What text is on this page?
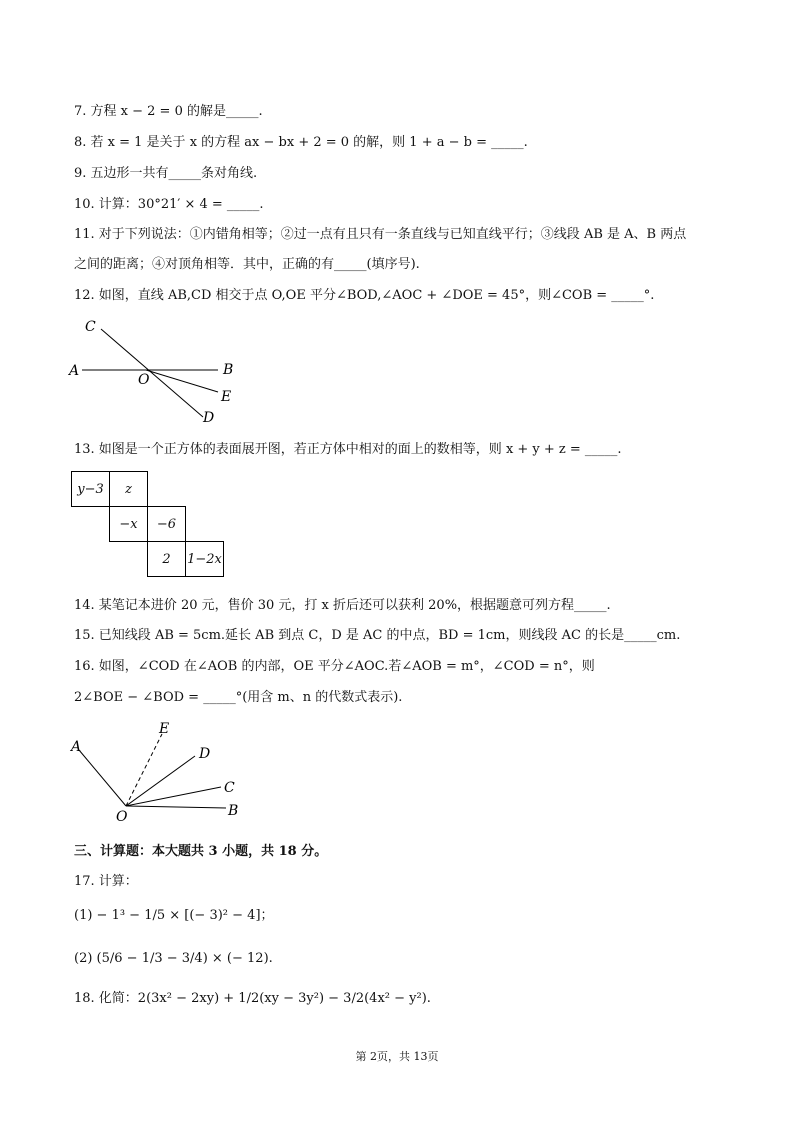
7. 方程 x − 2 = 0 的解是_____.
8. 若 x = 1 是关于 x 的方程 ax − bx + 2 = 0 的解，则 1 + a − b = _____.
9. 五边形一共有_____条对角线.
10. 计算：30°21′ × 4 = _____.
11. 对于下列说法：①内错角相等；②过一点有且只有一条直线与已知直线平行；③线段 AB 是 A、B 两点
之间的距离；④对顶角相等．其中，正确的有_____(填序号).
12. 如图，直线 AB,CD 相交于点 O,OE 平分∠BOD,∠AOC + ∠DOE = 45°，则∠COB = _____°.
C
A
O
B
E
D
13. 如图是一个正方体的表面展开图，若正方体中相对的面上的数相等，则 x + y + z = _____.
y−3	z
−x	−6
2	1−2x
14. 某笔记本进价 20 元，售价 30 元，打 x 折后还可以获利 20%，根据题意可列方程_____.
15. 已知线段 AB = 5cm.延长 AB 到点 C，D 是 AC 的中点，BD = 1cm，则线段 AC 的长是_____cm.
16. 如图，∠COD 在∠AOB 的内部，OE 平分∠AOC.若∠AOB = m°，∠COD = n°，则
2∠BOE − ∠BOD = _____°(用含 m、n 的代数式表示).
A
E
D
C
B
O
三、计算题：本大题共 3 小题，共 18 分。
17. 计算：
(1) − 1³ − 1/5 × [(− 3)² − 4]；
(2) (5/6 − 1/3 − 3/4) × (− 12).
18. 化简：2(3x² − 2xy) + 1/2(xy − 3y²) − 3/2(4x² − y²).
第 2页，共 13页
